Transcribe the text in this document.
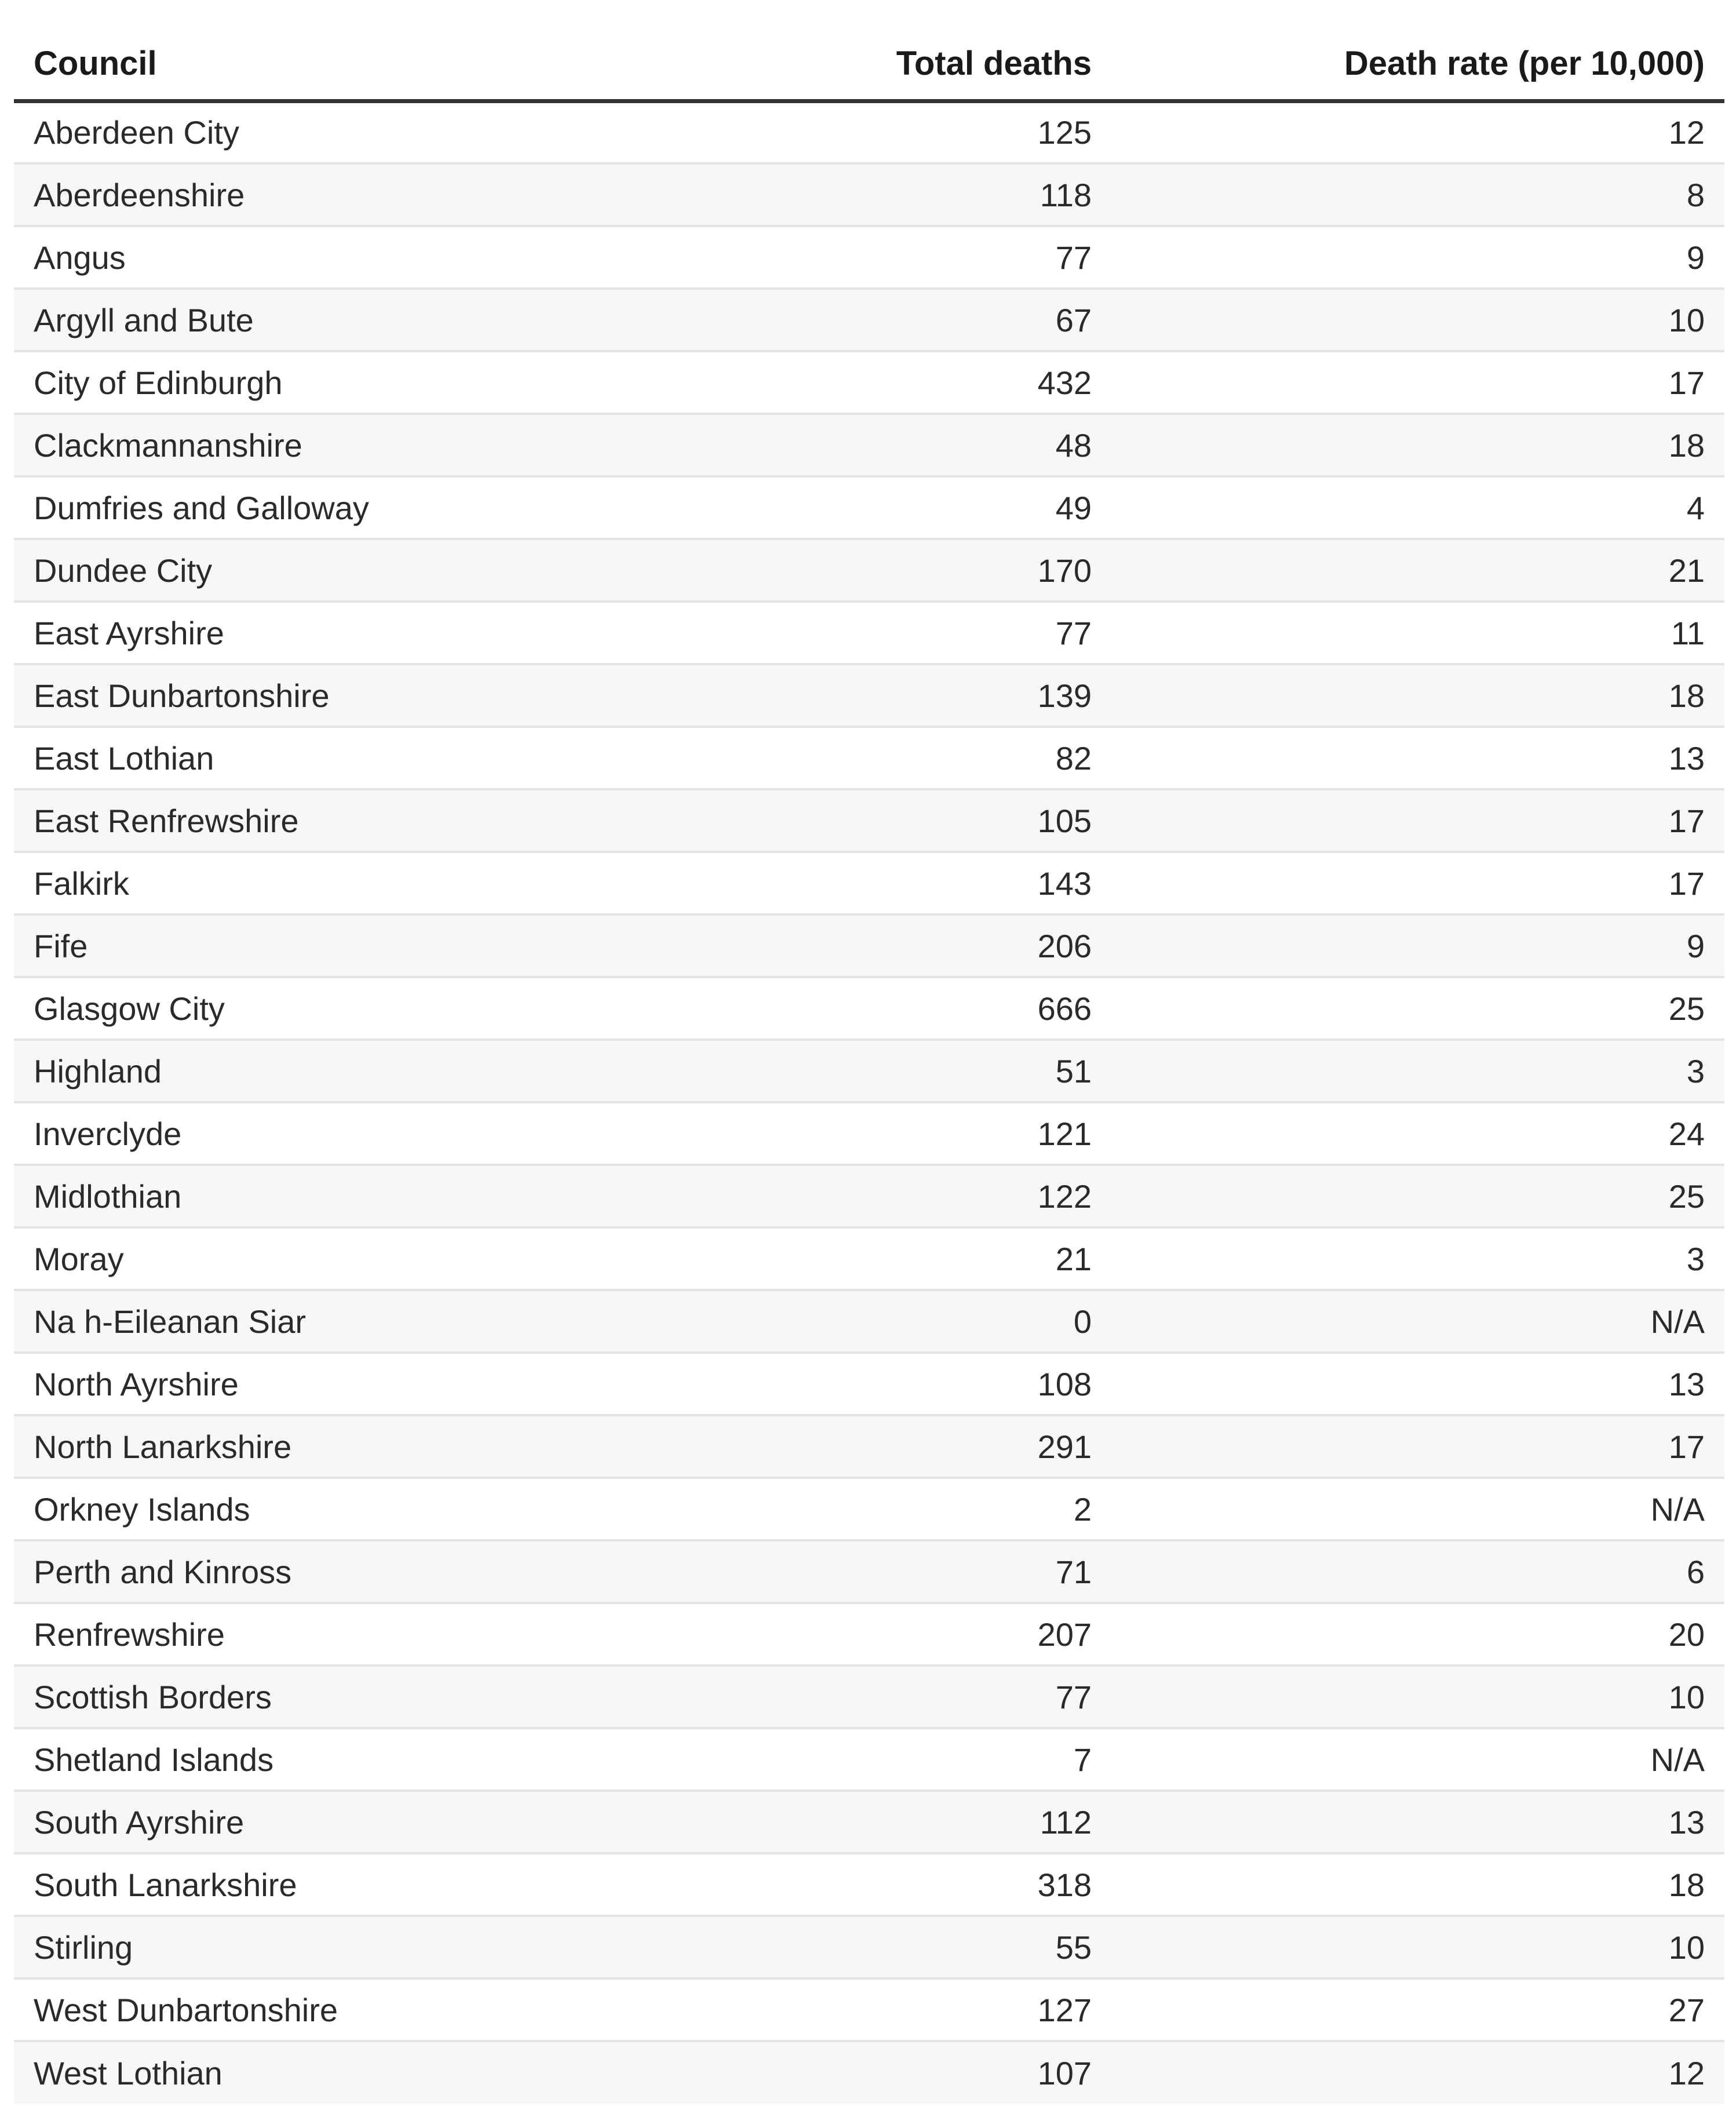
Council	Total deaths	Death rate (per 10,000)
Aberdeen City	125	12
Aberdeenshire	118	8
Angus	77	9
Argyll and Bute	67	10
City of Edinburgh	432	17
Clackmannanshire	48	18
Dumfries and Galloway	49	4
Dundee City	170	21
East Ayrshire	77	11
East Dunbartonshire	139	18
East Lothian	82	13
East Renfrewshire	105	17
Falkirk	143	17
Fife	206	9
Glasgow City	666	25
Highland	51	3
Inverclyde	121	24
Midlothian	122	25
Moray	21	3
Na h-Eileanan Siar	0	N/A
North Ayrshire	108	13
North Lanarkshire	291	17
Orkney Islands	2	N/A
Perth and Kinross	71	6
Renfrewshire	207	20
Scottish Borders	77	10
Shetland Islands	7	N/A
South Ayrshire	112	13
South Lanarkshire	318	18
Stirling	55	10
West Dunbartonshire	127	27
West Lothian	107	12
